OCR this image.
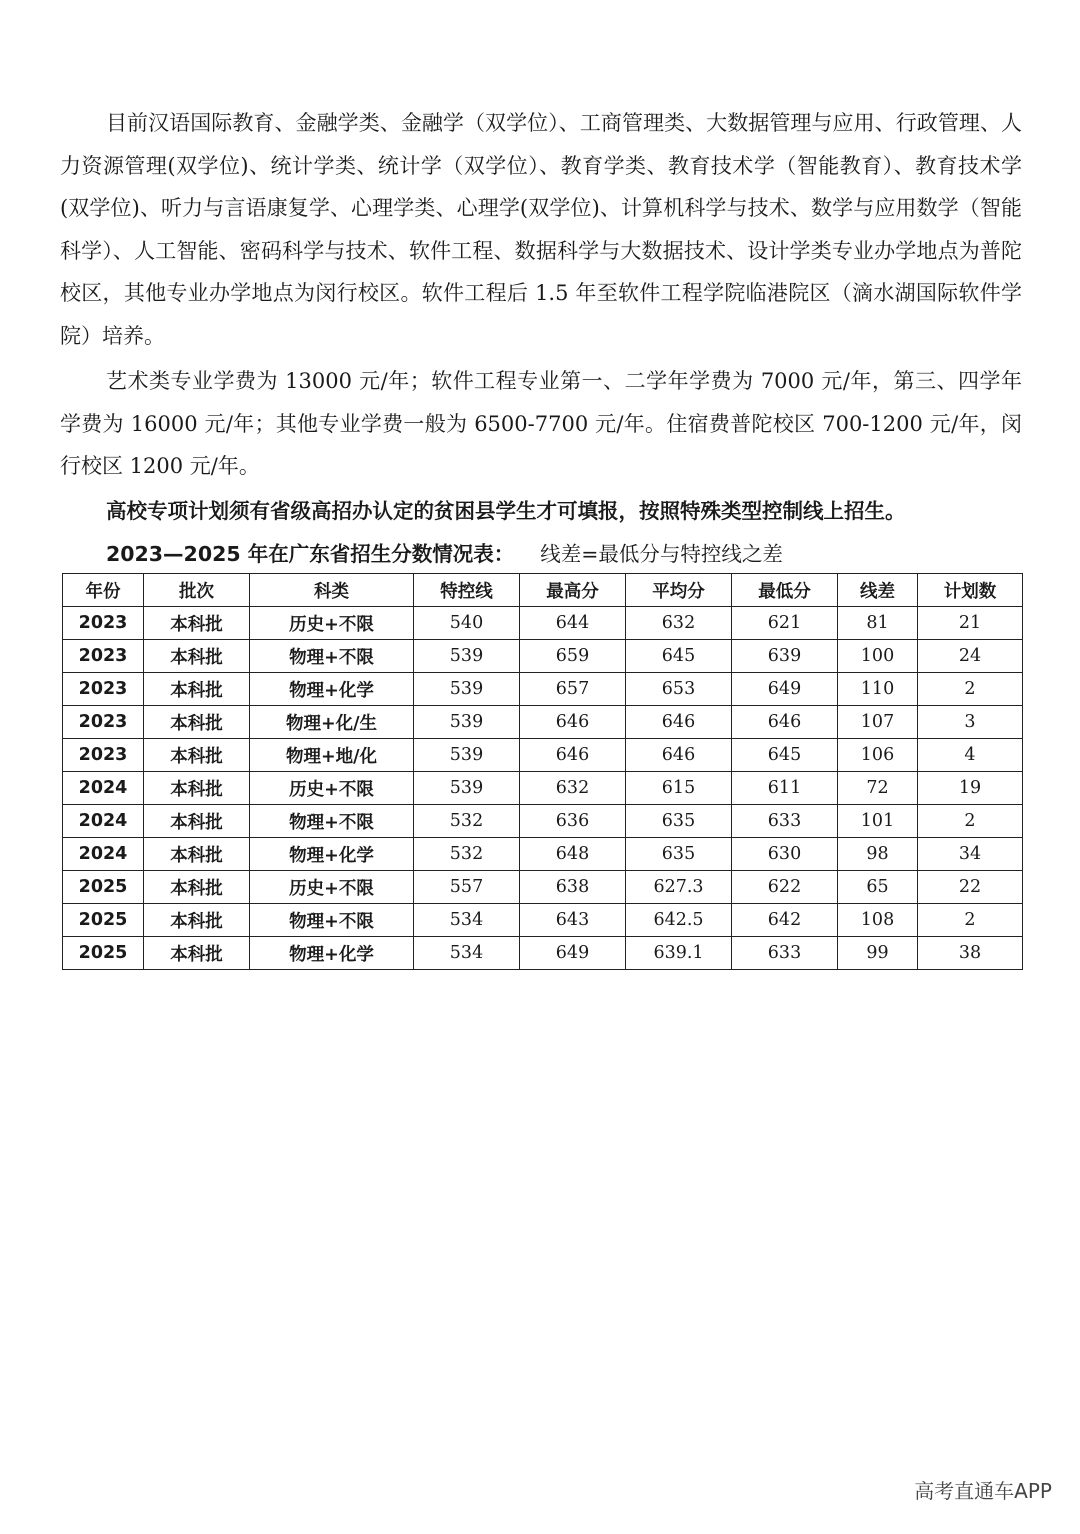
目前汉语国际教育、金融学类、金融学（双学位）、工商管理类、大数据管理与应用、行政管理、人力资源管理(双学位)、统计学类、统计学（双学位）、教育学类、教育技术学（智能教育）、教育技术学(双学位)、听力与言语康复学、心理学类、心理学(双学位)、计算机科学与技术、数学与应用数学（智能科学）、人工智能、密码科学与技术、软件工程、数据科学与大数据技术、设计学类专业办学地点为普陀校区，其他专业办学地点为闵行校区。软件工程后 1.5 年至软件工程学院临港院区（滴水湖国际软件学院）培养。

艺术类专业学费为 13000 元/年；软件工程专业第一、二学年学费为 7000 元/年，第三、四学年学费为 16000 元/年；其他专业学费一般为 6500-7700 元/年。住宿费普陀校区 700-1200 元/年，闵行校区 1200 元/年。

高校专项计划须有省级高招办认定的贫困县学生才可填报，按照特殊类型控制线上招生。

2023—2025 年在广东省招生分数情况表： 线差=最低分与特控线之差

年份	批次	科类	特控线	最高分	平均分	最低分	线差	计划数
2023	本科批	历史+不限	540	644	632	621	81	21
2023	本科批	物理+不限	539	659	645	639	100	24
2023	本科批	物理+化学	539	657	653	649	110	2
2023	本科批	物理+化/生	539	646	646	646	107	3
2023	本科批	物理+地/化	539	646	646	645	106	4
2024	本科批	历史+不限	539	632	615	611	72	19
2024	本科批	物理+不限	532	636	635	633	101	2
2024	本科批	物理+化学	532	648	635	630	98	34
2025	本科批	历史+不限	557	638	627.3	622	65	22
2025	本科批	物理+不限	534	643	642.5	642	108	2
2025	本科批	物理+化学	534	649	639.1	633	99	38
高考直通车APP
